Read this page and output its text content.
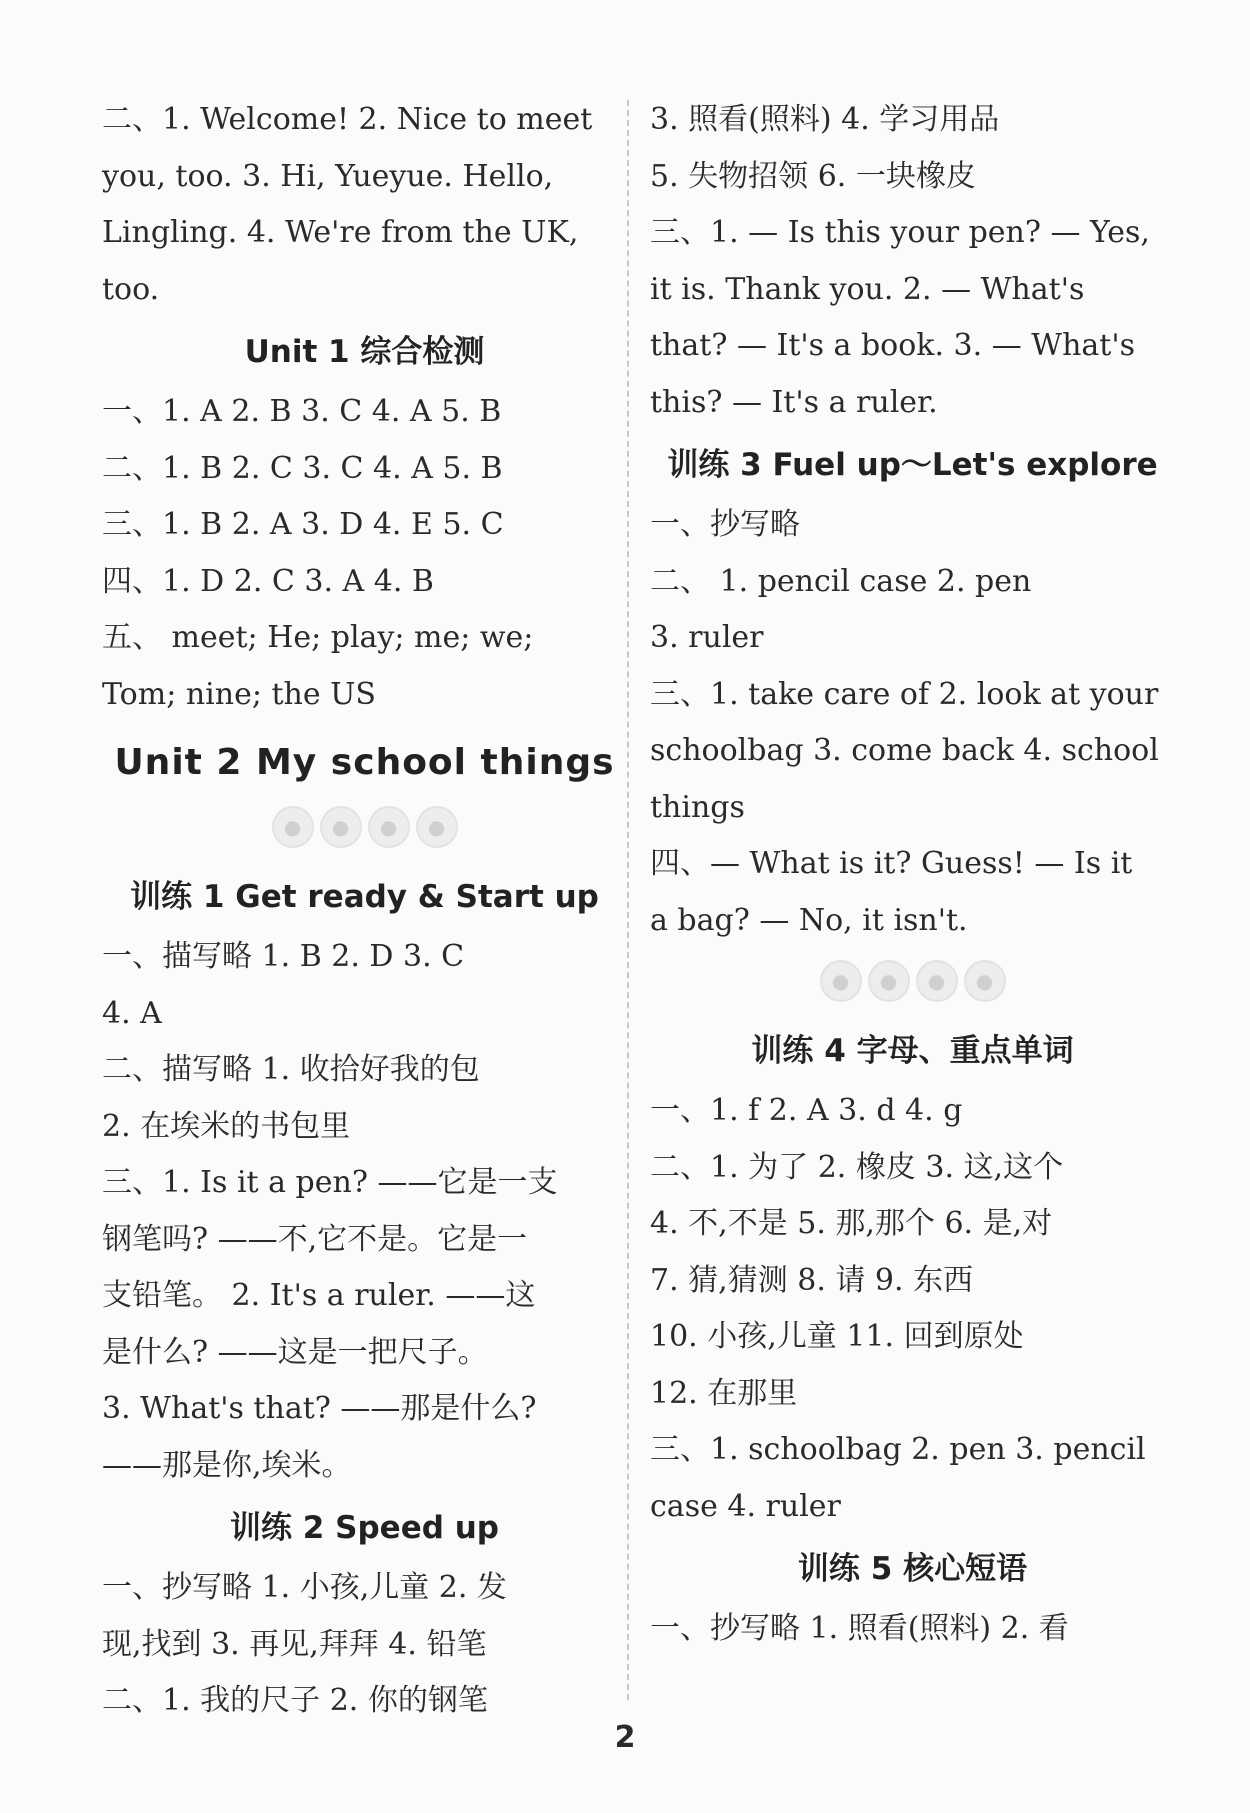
二、1. Welcome! 2. Nice to meet
you, too. 3. Hi, Yueyue. Hello,
Lingling. 4. We're from the UK,
too.
Unit 1 综合检测
一、1. A 2. B 3. C 4. A 5. B
二、1. B 2. C 3. C 4. A 5. B
三、1. B 2. A 3. D 4. E 5. C
四、1. D 2. C 3. A 4. B
五、 meet; He; play; me; we;
Tom; nine; the US
Unit 2 My school things
●	●	●	●
训练 1 Get ready & Start up
一、描写略 1. B 2. D 3. C
4. A
二、描写略 1. 收拾好我的包
2. 在埃米的书包里
三、1. Is it a pen? ——它是一支
钢笔吗? ——不,它不是。它是一
支铅笔。 2. It's a ruler. ——这
是什么? ——这是一把尺子。
3. What's that? ——那是什么?
——那是你,埃米。
训练 2 Speed up
一、抄写略 1. 小孩,儿童 2. 发
现,找到 3. 再见,拜拜 4. 铅笔
二、1. 我的尺子 2. 你的钢笔
3. 照看(照料) 4. 学习用品
5. 失物招领 6. 一块橡皮
三、1. — Is this your pen? — Yes,
it is. Thank you. 2. — What's
that? — It's a book. 3. — What's
this? — It's a ruler.
训练 3 Fuel up～Let's explore
一、抄写略
二、 1. pencil case 2. pen
3. ruler
三、1. take care of 2. look at your
schoolbag 3. come back 4. school
things
四、— What is it? Guess! — Is it
a bag? — No, it isn't.
●	●	●	●
训练 4 字母、重点单词
一、1. f 2. A 3. d 4. g
二、1. 为了 2. 橡皮 3. 这,这个
4. 不,不是 5. 那,那个 6. 是,对
7. 猜,猜测 8. 请 9. 东西
10. 小孩,儿童 11. 回到原处
12. 在那里
三、1. schoolbag 2. pen 3. pencil
case 4. ruler
训练 5 核心短语
一、抄写略 1. 照看(照料) 2. 看
2
